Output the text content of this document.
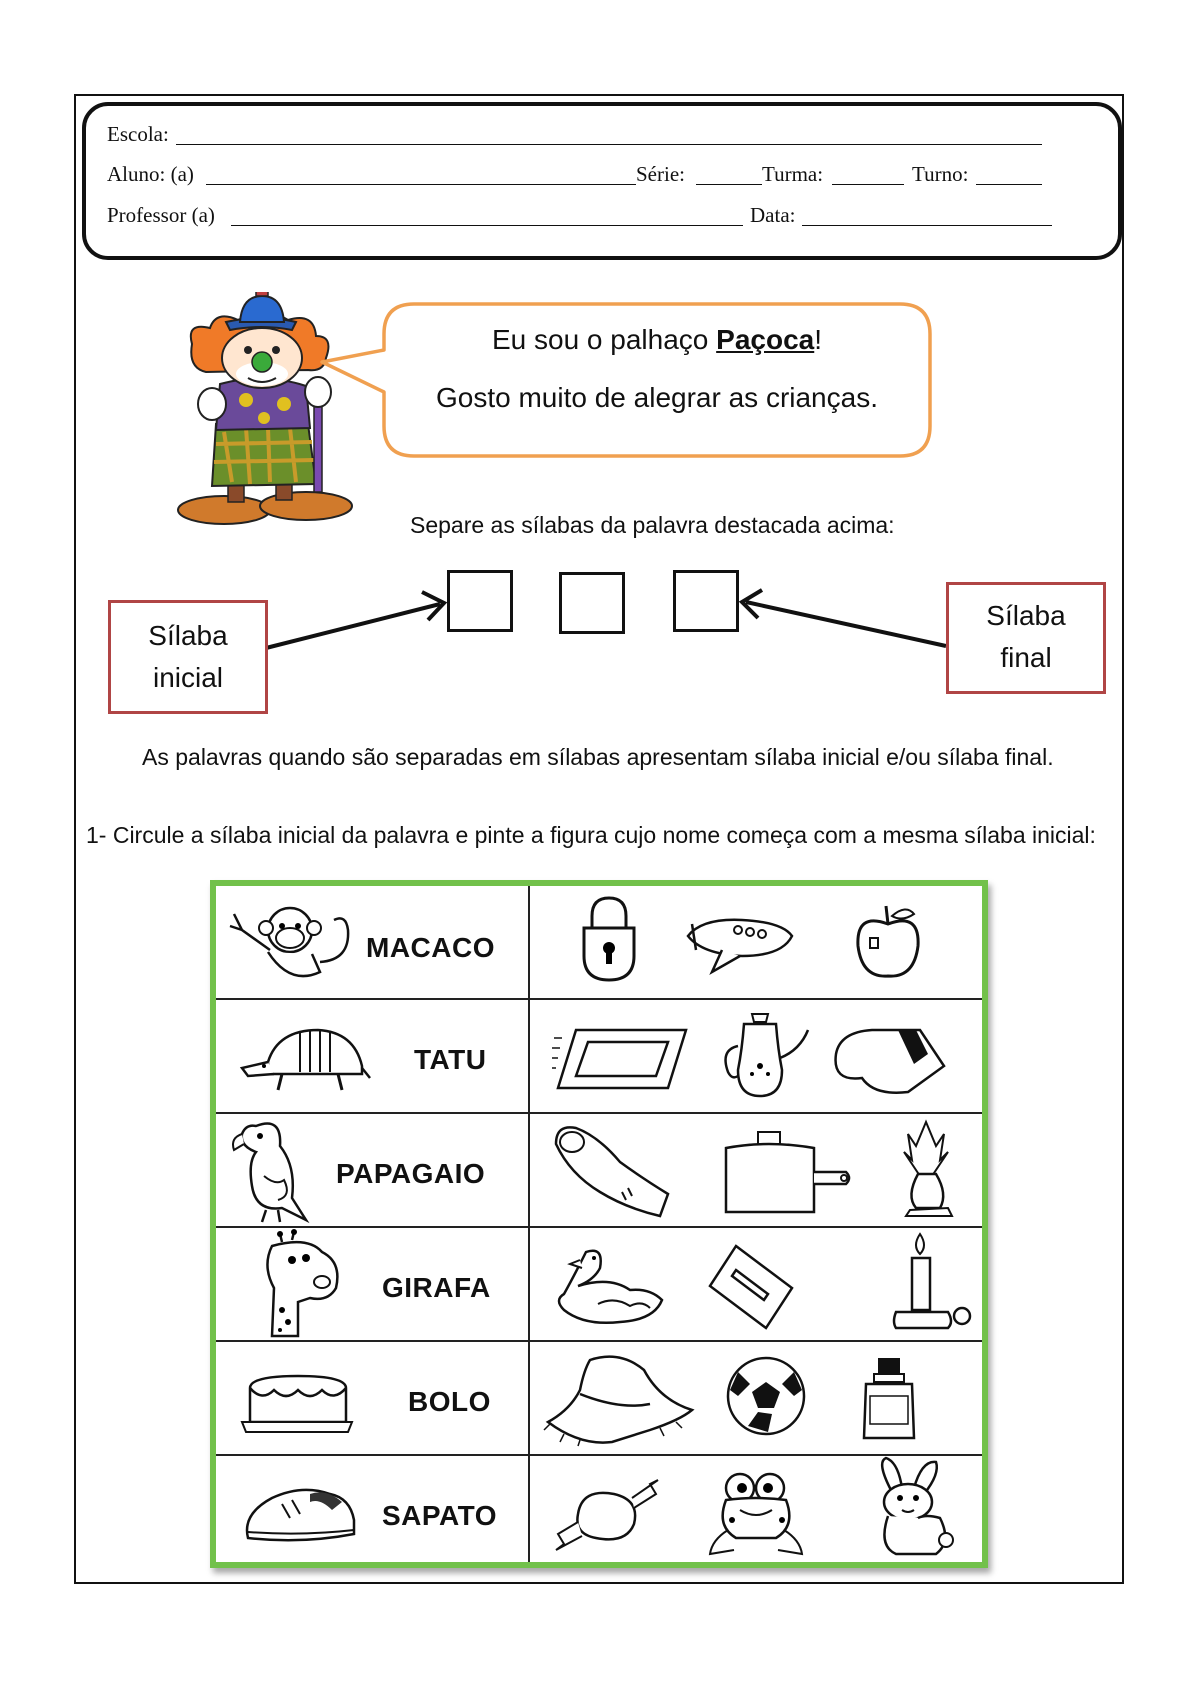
Escola:
Aluno: (a)	Série:	Turma:	Turno:
Professor (a)	Data:
Eu sou o palhaço Paçoca!
Gosto muito de alegrar as crianças.
Separe as sílabas da palavra destacada acima:
Sílaba
inicial
Sílaba
final
As palavras quando são separadas em sílabas apresentam sílaba inicial e/ou sílaba final.
1- Circule a sílaba inicial da palavra e pinte a figura cujo nome começa com a mesma sílaba inicial:
MACACO
TATU
PAPAGAIO
GIRAFA
BOLO
SAPATO
